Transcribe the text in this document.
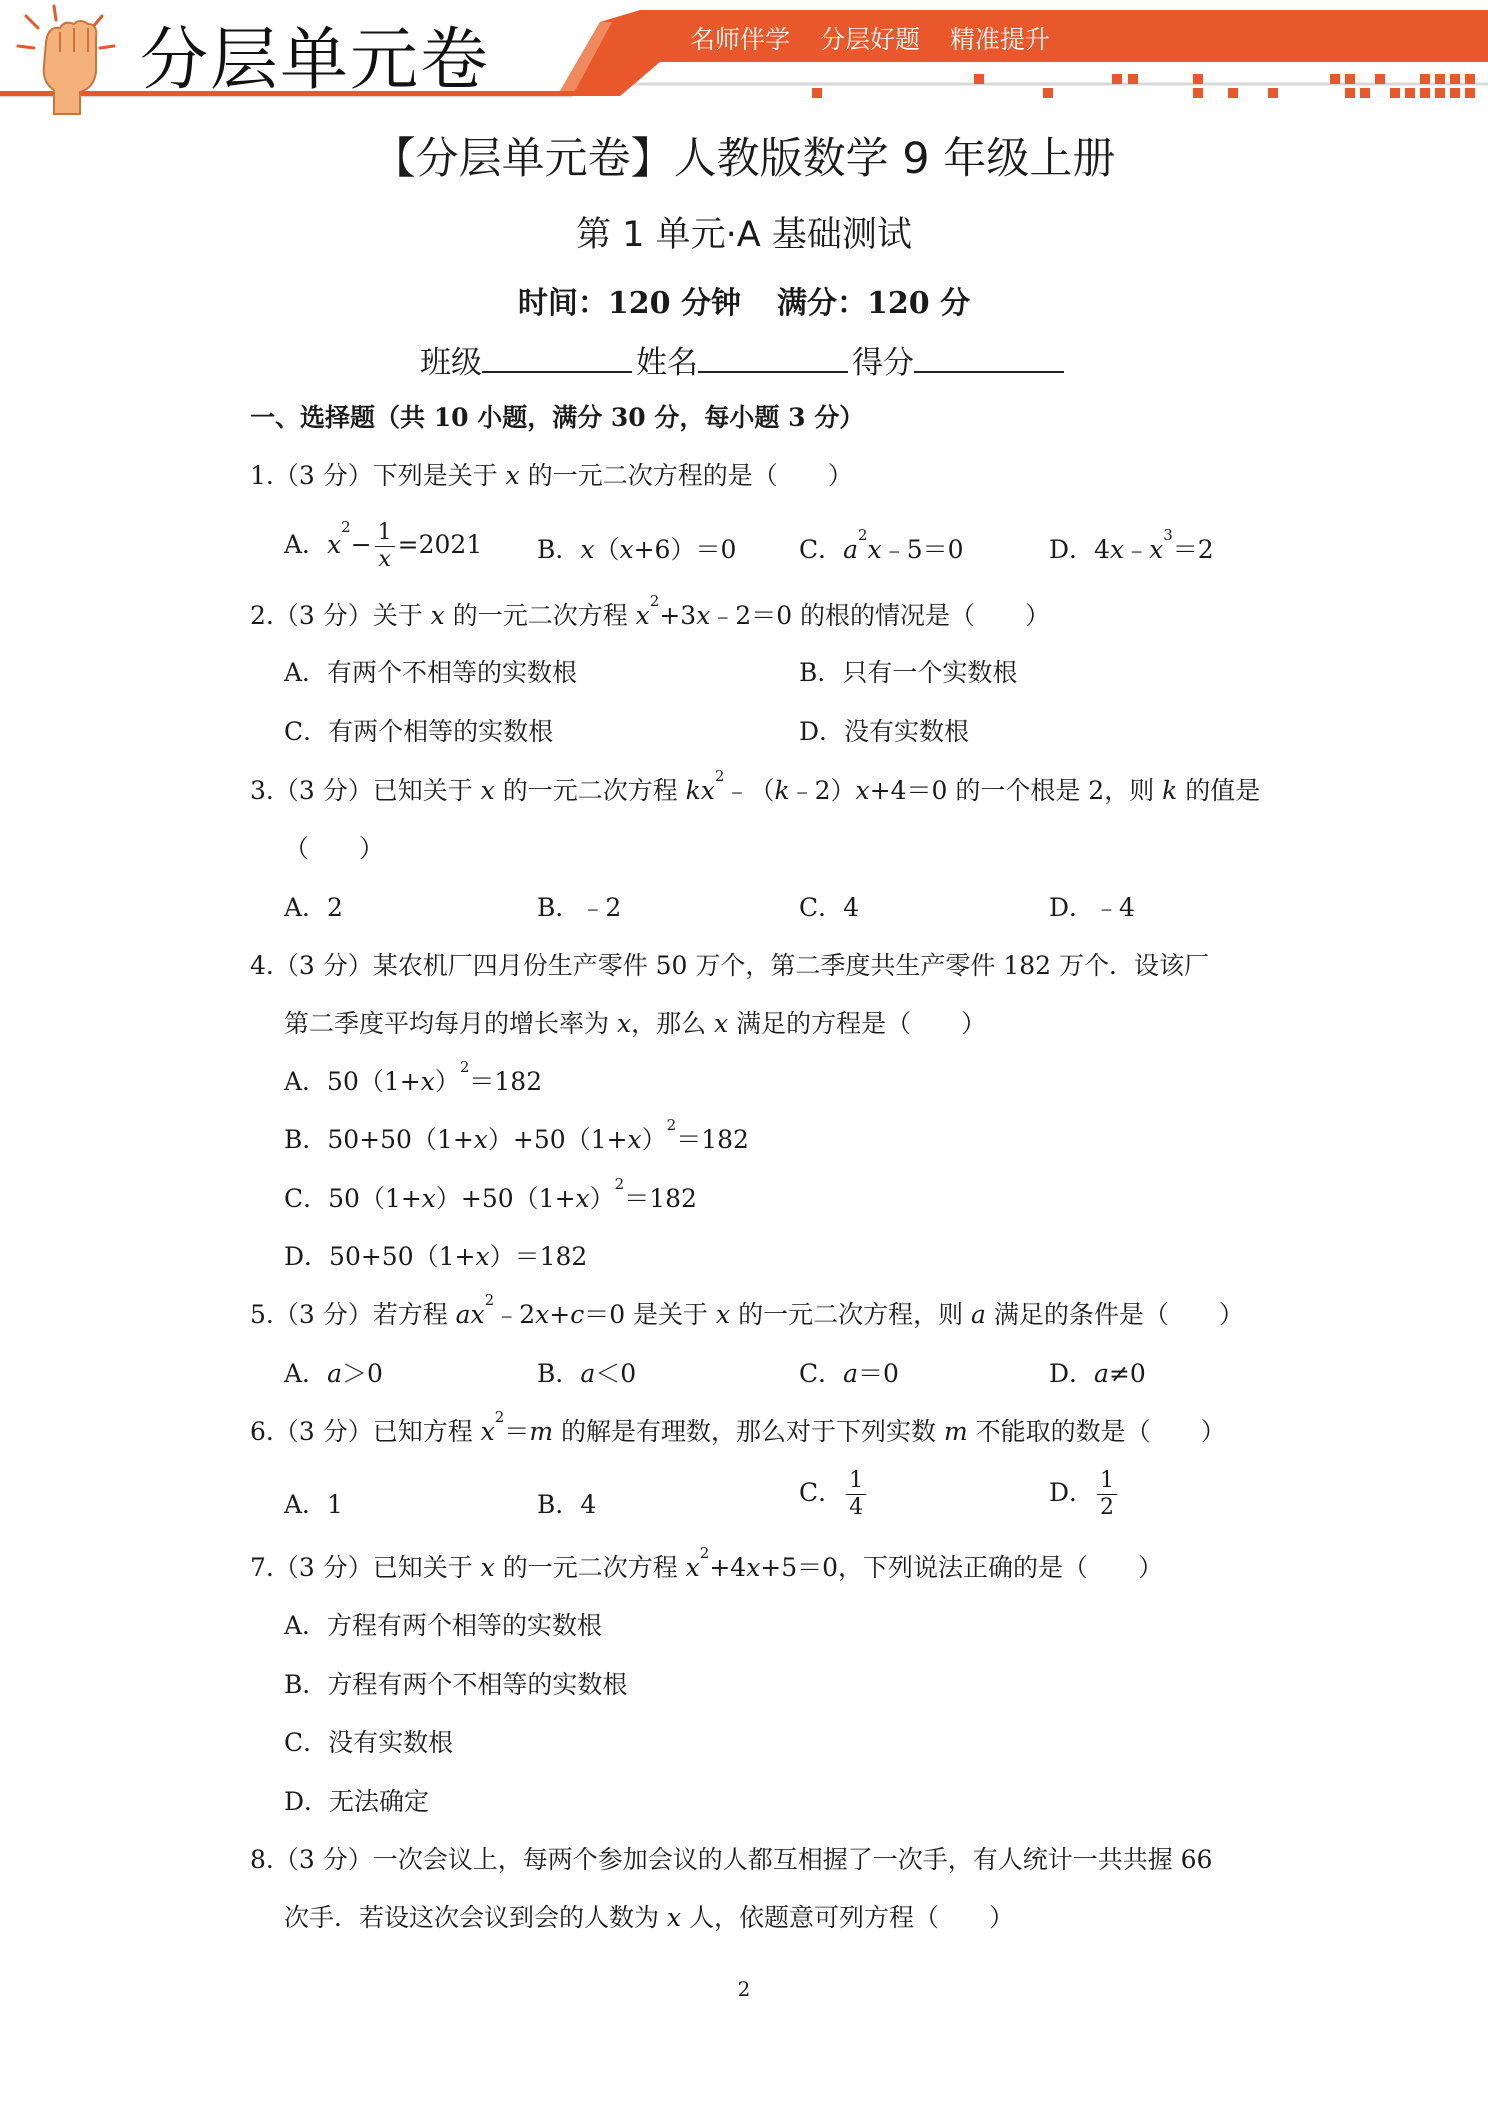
分层单元卷	名师伴学 分层好题 精准提升
【分层单元卷】人教版数学 9 年级上册
第 1 单元·A 基础测试
时间：120 分钟 满分：120 分
班级	姓名	得分
一、选择题（共 10 小题，满分 30 分，每小题 3 分）
1.（3 分）下列是关于 x 的一元二次方程的是（　　）
A．$x^2- \frac{1}{x} =2021$ B．x（x+6）＝0	C．$a^2x﹣5=0$	D．$4x﹣x^3=2$
2.（3 分）关于 x 的一元二次方程 $x^2+3x﹣2=0$ 的根的情况是（　　）
A．有两个不相等的实数根	B．只有一个实数根
C．有两个相等的实数根	D．没有实数根
3.（3 分）已知关于 x 的一元二次方程 $kx^2﹣(k﹣2)x+4=0$ 的一个根是 2，则 k 的值是
（　　）
A．2	B．﹣2	C．4	D．﹣4
4.（3 分）某农机厂四月份生产零件 50 万个，第二季度共生产零件 182 万个．设该厂
第二季度平均每月的增长率为 x，那么 x 满足的方程是（　　）
A．$50(1+x)^2=182$
B．$50+50(1+x)+50(1+x)^2=182$
C．$50(1+x)+50(1+x)^2=182$
D．50+50（1+x）＝182
5.（3 分）若方程 $ax^2﹣2x+c=0$ 是关于 x 的一元二次方程，则 a 满足的条件是（　　）
A．a＞0	B．a＜0	C．a＝0	D．a≠0
6.（3 分）已知方程 $x^2=m$ 的解是有理数，那么对于下列实数 m 不能取的数是（　　）
A．1	B．4	C． $\frac{1}{4}$	D． $\frac{1}{2}$
7.（3 分）已知关于 x 的一元二次方程 $x^2+4x+5=0$，下列说法正确的是（　　）
A．方程有两个相等的实数根
B．方程有两个不相等的实数根
C．没有实数根
D．无法确定
8.（3 分）一次会议上，每两个参加会议的人都互相握了一次手，有人统计一共共握 66
次手．若设这次会议到会的人数为 x 人，依题意可列方程（　　）
2
